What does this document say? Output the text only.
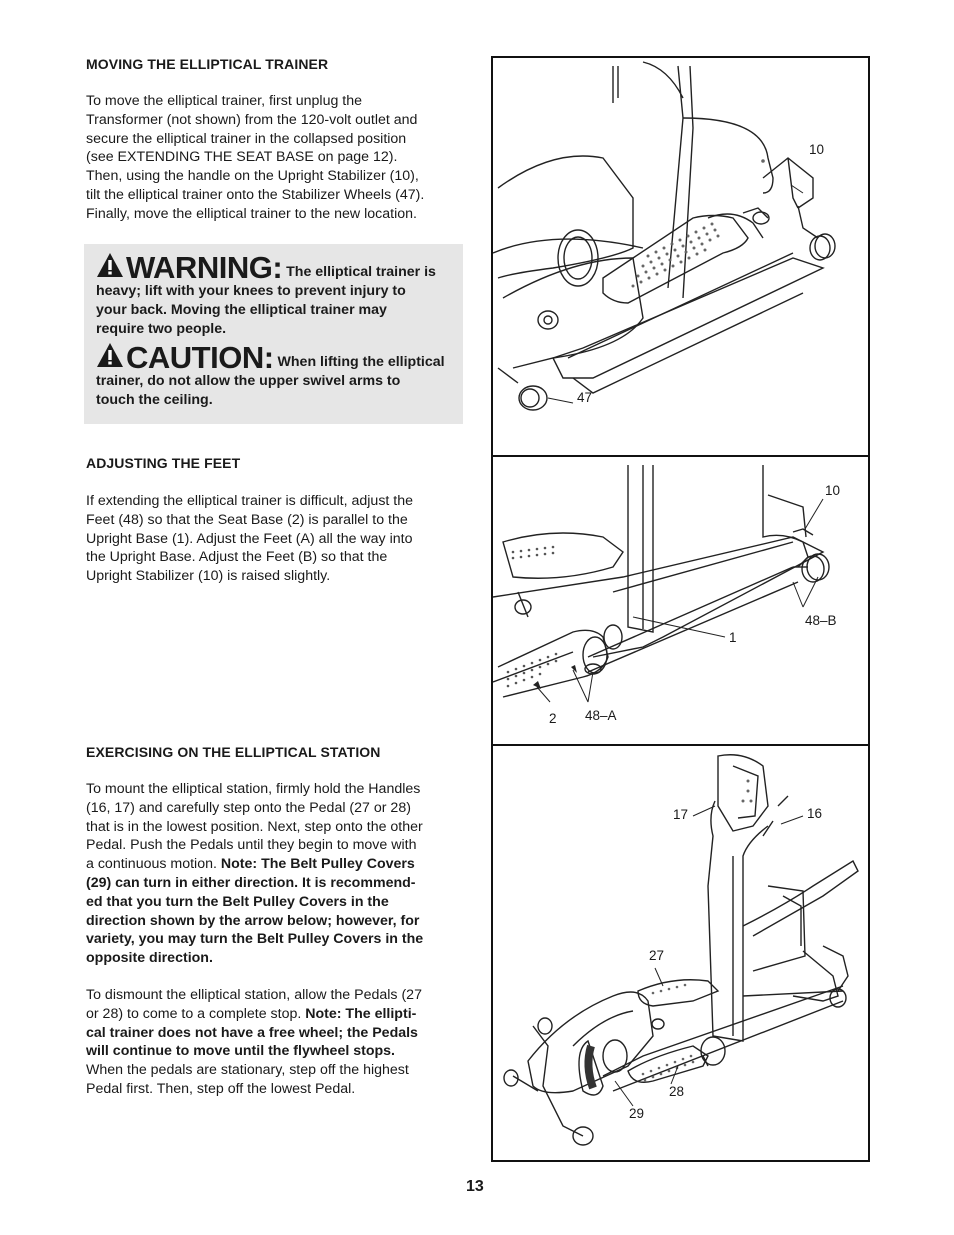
MOVING THE ELLIPTICAL TRAINER
To move the elliptical trainer, first unplug the
Transformer (not shown) from the 120-volt outlet and
secure the elliptical trainer in the collapsed position
(see EXTENDING THE SEAT BASE on page 12).
Then, using the handle on the Upright Stabilizer (10),
tilt the elliptical trainer onto the Stabilizer Wheels (47).
Finally, move the elliptical trainer to the new location.
WARNING: The elliptical trainer is
heavy; lift with your knees to prevent injury to
your back. Moving the elliptical trainer may
require two people.
CAUTION: When lifting the elliptical
trainer, do not allow the upper swivel arms to
touch the ceiling.
ADJUSTING THE FEET
If extending the elliptical trainer is difficult, adjust the
Feet (48) so that the Seat Base (2) is parallel to the
Upright Base (1). Adjust the Feet (A) all the way into
the Upright Base. Adjust the Feet (B) so that the
Upright Stabilizer (10) is raised slightly.
EXERCISING ON THE ELLIPTICAL STATION
To mount the elliptical station, firmly hold the Handles
(16, 17) and carefully step onto the Pedal (27 or 28)
that is in the lowest position. Next, step onto the other
Pedal. Push the Pedals until they begin to move with
a continuous motion. Note: The Belt Pulley Covers
(29) can turn in either direction. It is recommend-
ed that you turn the Belt Pulley Covers in the
direction shown by the arrow below; however, for
variety, you may turn the Belt Pulley Covers in the
opposite direction.
To dismount the elliptical station, allow the Pedals (27
or 28) to come to a complete stop. Note: The ellipti-
cal trainer does not have a free wheel; the Pedals
will continue to move until the flywheel stops.
When the pedals are stationary, step off the highest
Pedal first. Then, step off the lowest Pedal.
10
47
10
48–B
1
2 48–A
17	16
27
28
29
13
